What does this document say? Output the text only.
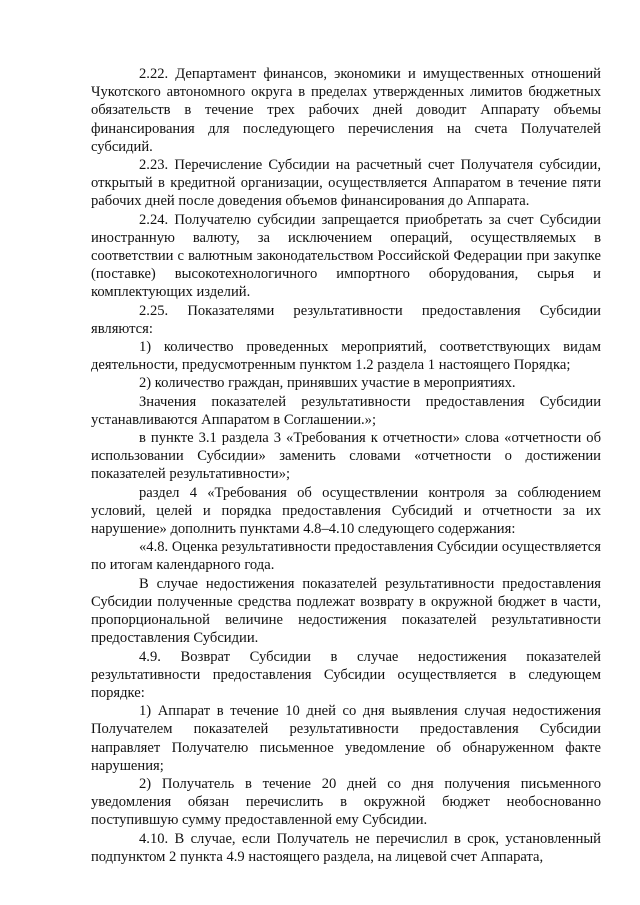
2.22. Департамент финансов, экономики и имущественных отношений Чукотского автономного округа в пределах утвержденных лимитов бюджетных обязательств в течение трех рабочих дней доводит Аппарату объемы финансирования для последующего перечисления на счета Получателей субсидий.

2.23. Перечисление Субсидии на расчетный счет Получателя субсидии, открытый в кредитной организации, осуществляется Аппаратом в течение пяти рабочих дней после доведения объемов финансирования до Аппарата.

2.24. Получателю субсидии запрещается приобретать за счет Субсидии иностранную валюту, за исключением операций, осуществляемых в соответствии с валютным законодательством Российской Федерации при закупке (поставке) высокотехнологичного импортного оборудования, сырья и комплектующих изделий.

2.25. Показателями результативности предоставления Субсидии являются:

1) количество проведенных мероприятий, соответствующих видам деятельности, предусмотренным пунктом 1.2 раздела 1 настоящего Порядка;

2) количество граждан, принявших участие в мероприятиях.

Значения показателей результативности предоставления Субсидии устанавливаются Аппаратом в Соглашении.»;

в пункте 3.1 раздела 3 «Требования к отчетности» слова «отчетности об использовании Субсидии» заменить словами «отчетности о достижении показателей результативности»;

раздел 4 «Требования об осуществлении контроля за соблюдением условий, целей и порядка предоставления Субсидий и отчетности за их нарушение» дополнить пунктами 4.8–4.10 следующего содержания:

«4.8. Оценка результативности предоставления Субсидии осуществляется по итогам календарного года.

В случае недостижения показателей результативности предоставления Субсидии полученные средства подлежат возврату в окружной бюджет в части, пропорциональной величине недостижения показателей результативности предоставления Субсидии.

4.9. Возврат Субсидии в случае недостижения показателей результативности предоставления Субсидии осуществляется в следующем порядке:

1) Аппарат в течение 10 дней со дня выявления случая недостижения Получателем показателей результативности предоставления Субсидии направляет Получателю письменное уведомление об обнаруженном факте нарушения;

2) Получатель в течение 20 дней со дня получения письменного уведомления обязан перечислить в окружной бюджет необоснованно поступившую сумму предоставленной ему Субсидии.

4.10. В случае, если Получатель не перечислил в срок, установленный подпунктом 2 пункта 4.9 настоящего раздела, на лицевой счет Аппарата,
